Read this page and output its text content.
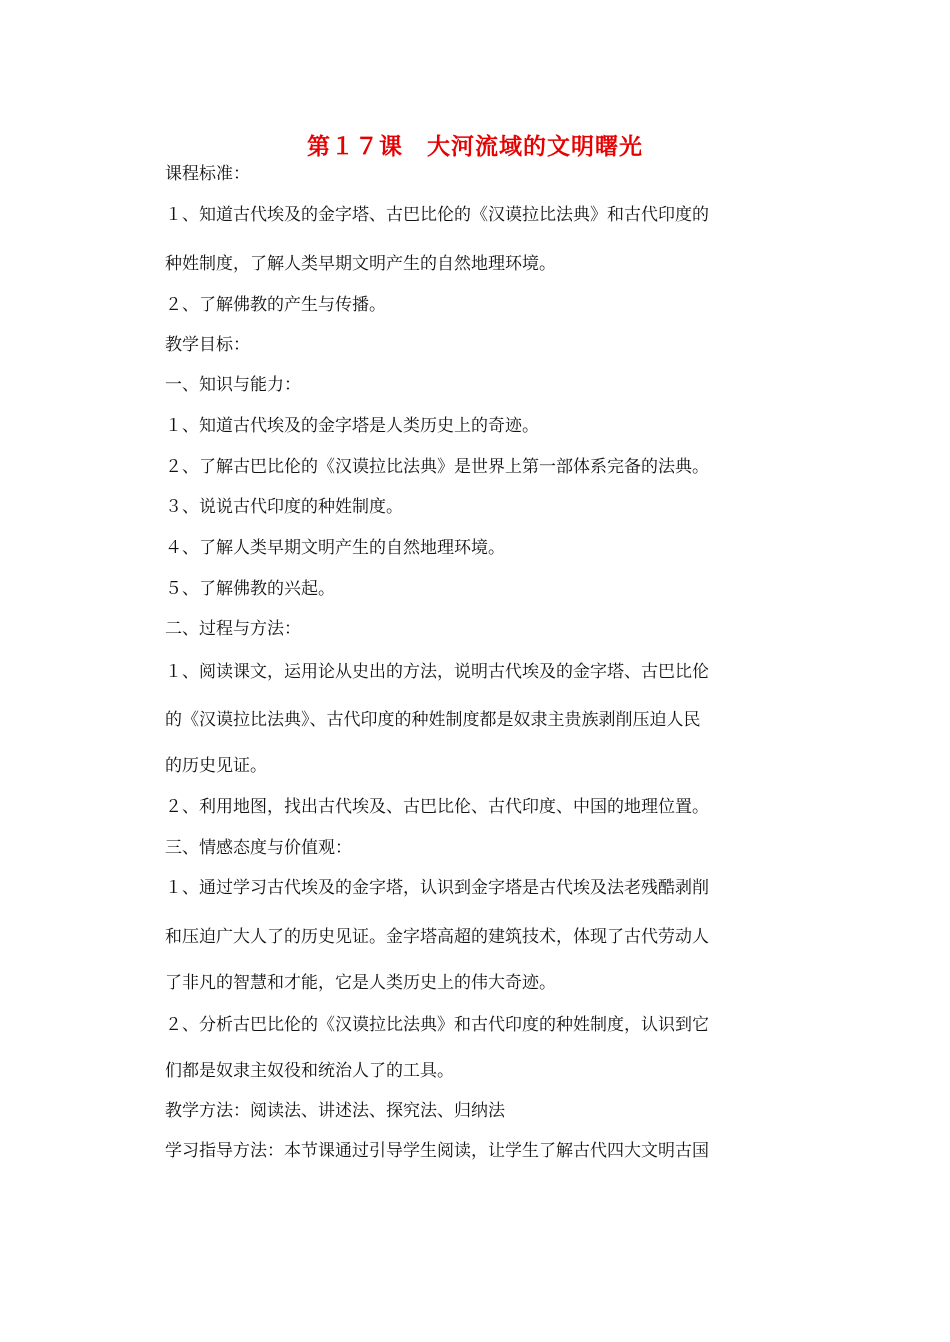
第１７课　大河流域的文明曙光
课程标准：
１、知道古代埃及的金字塔、古巴比伦的《汉谟拉比法典》和古代印度的
种姓制度，了解人类早期文明产生的自然地理环境。
２、了解佛教的产生与传播。
教学目标：
一、知识与能力：
１、知道古代埃及的金字塔是人类历史上的奇迹。
２、了解古巴比伦的《汉谟拉比法典》是世界上第一部体系完备的法典。
３、说说古代印度的种姓制度。
４、了解人类早期文明产生的自然地理环境。
５、了解佛教的兴起。
二、过程与方法：
１、阅读课文，运用论从史出的方法，说明古代埃及的金字塔、古巴比伦
的《汉谟拉比法典》、古代印度的种姓制度都是奴隶主贵族剥削压迫人民
的历史见证。
２、利用地图，找出古代埃及、古巴比伦、古代印度、中国的地理位置。
三、情感态度与价值观：
１、通过学习古代埃及的金字塔，认识到金字塔是古代埃及法老残酷剥削
和压迫广大人了的历史见证。金字塔高超的建筑技术，体现了古代劳动人
了非凡的智慧和才能，它是人类历史上的伟大奇迹。
２、分析古巴比伦的《汉谟拉比法典》和古代印度的种姓制度，认识到它
们都是奴隶主奴役和统治人了的工具。
教学方法：阅读法、讲述法、探究法、归纳法
学习指导方法：本节课通过引导学生阅读，让学生了解古代四大文明古国
